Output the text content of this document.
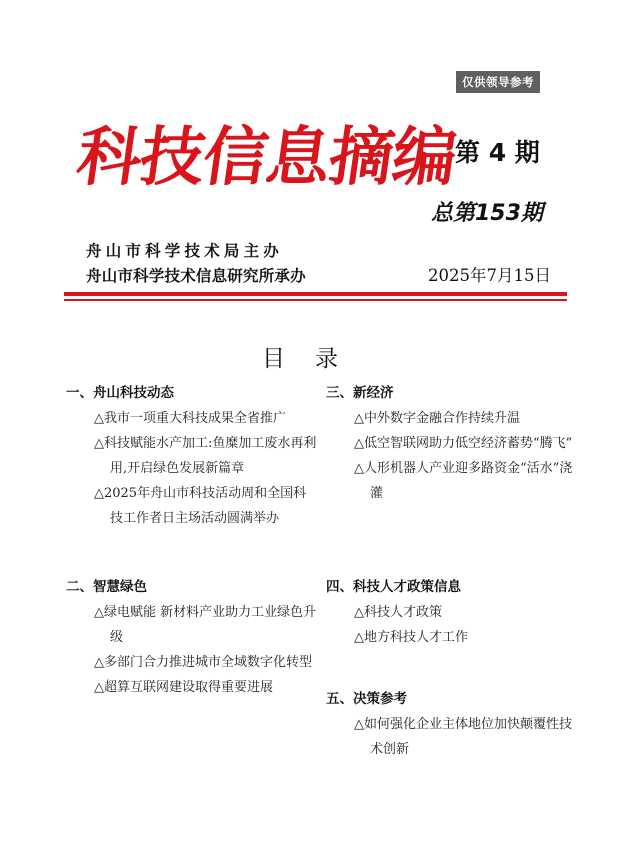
仅供领导参考
科技信息摘编
第 4 期
总第153期
舟山市科学技术局主办
舟山市科学技术信息研究所承办	2025年7月15日
目录
一、舟山科技动态
△我市一项重大科技成果全省推广
△科技赋能水产加工:鱼糜加工废水再利用,开启绿色发展新篇章
△2025年舟山市科技活动周和全国科技工作者日主场活动圆满举办
二、智慧绿色
△绿电赋能 新材料产业助力工业绿色升级
△多部门合力推进城市全域数字化转型
△超算互联网建设取得重要进展
三、新经济
△中外数字金融合作持续升温
△低空智联网助力低空经济蓄势“腾飞”
△人形机器人产业迎多路资金“活水”浇灌
四、科技人才政策信息
△科技人才政策
△地方科技人才工作
五、决策参考
△如何强化企业主体地位加快颠覆性技术创新
